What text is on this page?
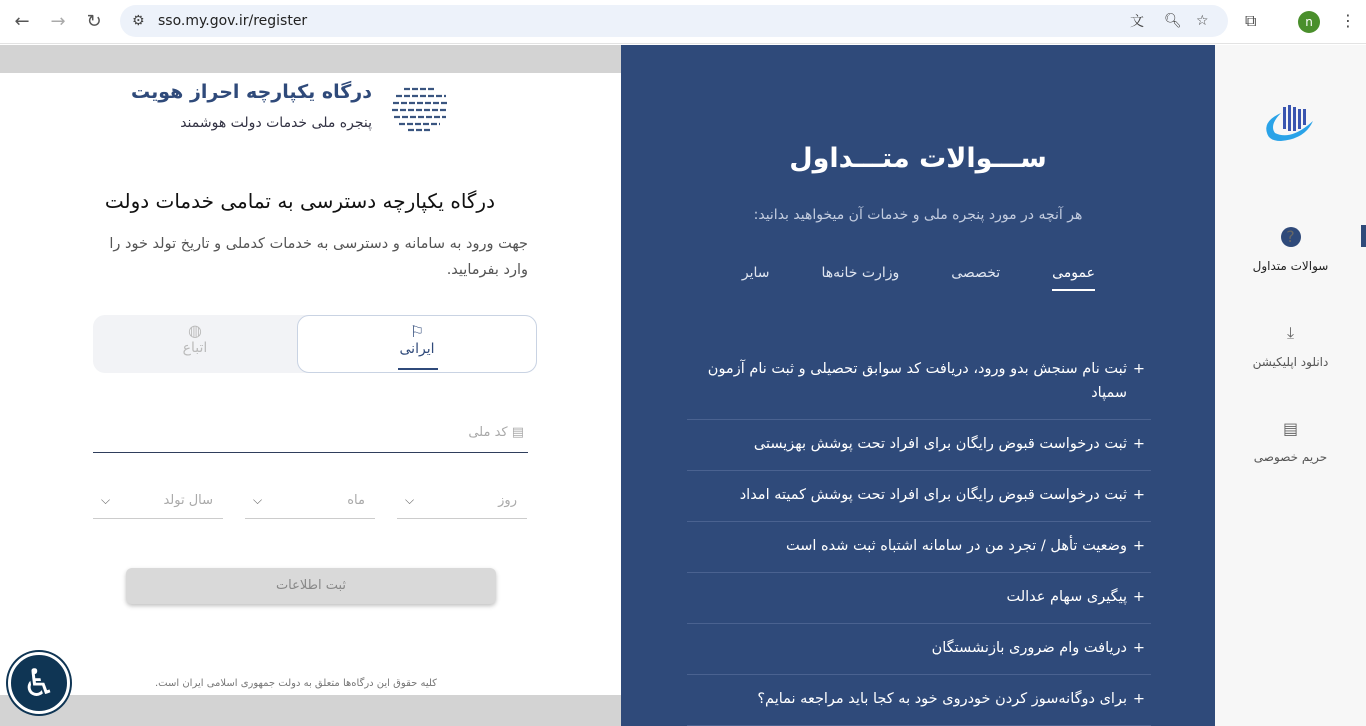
←	→	↻	⚙ sso.my.gov.ir/register	文 🔍︎ ☆ ⧉	n	⋮
درگاه یکپارچه احراز هویت
پنجره ملی خدمات دولت هوشمند
درگاه یکپارچه دسترسی به تمامی خدمات دولت
جهت ورود به سامانه و دسترسی به خدمات کدملی و تاریخ تولد خود را وارد بفرمایید.
⚐
ایرانی
◍
اتباع
▤ کد ملی
روز
⌵
ماه
⌵
سال تولد
⌵
ثبت اطلاعات
کلیه حقوق این درگاه‌ها متعلق به دولت جمهوری اسلامی ایران است.
♿︎
ســـوالات متـــداول
هر آنچه در مورد پنجره ملی و خدمات آن میخواهید بدانید:
عمومی
تخصصی
وزارت خانه‌ها
سایر
+
ثبت نام سنجش بدو ورود، دریافت کد سوابق تحصیلی و ثبت نام آزمون سمپاد
+
ثبت درخواست قبوض رایگان برای افراد تحت پوشش بهزیستی
+
ثبت درخواست قبوض رایگان برای افراد تحت پوشش کمیته امداد
+
وضعیت تأهل / تجرد من در سامانه اشتباه ثبت شده است
+
پیگیری سهام عدالت
+
دریافت وام ضروری بازنشستگان
+
برای دوگانه‌سوز کردن خودروی خود به کجا باید مراجعه نمایم؟
?
سوالات متداول
⤓
دانلود اپلیکیشن
▤
حریم خصوصی
